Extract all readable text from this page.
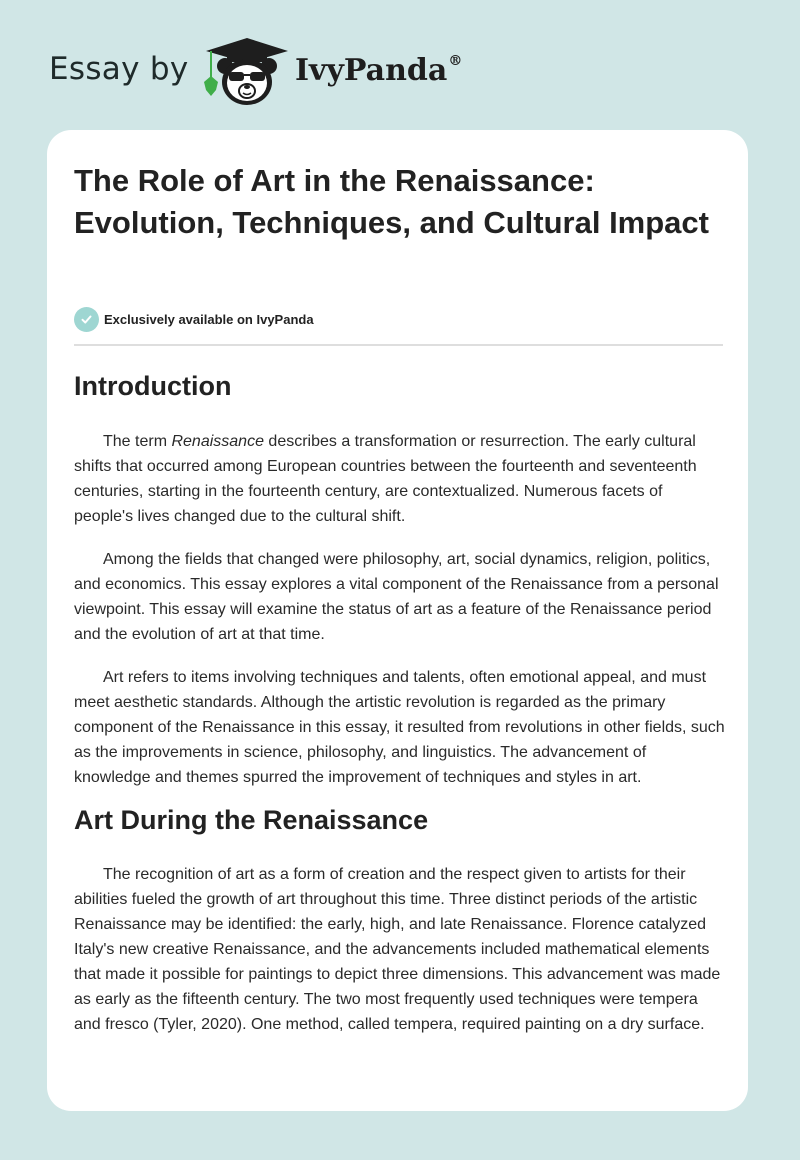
Essay by	IvyPanda®
The Role of Art in the Renaissance: Evolution, Techniques, and Cultural Impact
Exclusively available on IvyPanda
Introduction

The term Renaissance describes a transformation or resurrection. The early cultural shifts that occurred among European countries between the fourteenth and seventeenth centuries, starting in the fourteenth century, are contextualized. Numerous facets of people's lives changed due to the cultural shift.

Among the fields that changed were philosophy, art, social dynamics, religion, politics, and economics. This essay explores a vital component of the Renaissance from a personal viewpoint. This essay will examine the status of art as a feature of the Renaissance period and the evolution of art at that time.

Art refers to items involving techniques and talents, often emotional appeal, and must meet aesthetic standards. Although the artistic revolution is regarded as the primary component of the Renaissance in this essay, it resulted from revolutions in other fields, such as the improvements in science, philosophy, and linguistics. The advancement of knowledge and themes spurred the improvement of techniques and styles in art.

Art During the Renaissance

The recognition of art as a form of creation and the respect given to artists for their abilities fueled the growth of art throughout this time. Three distinct periods of the artistic Renaissance may be identified: the early, high, and late Renaissance. Florence catalyzed Italy's new creative Renaissance, and the advancements included mathematical elements that made it possible for paintings to depict three dimensions. This advancement was made as early as the fifteenth century. The two most frequently used techniques were tempera and fresco (Tyler, 2020). One method, called tempera, required painting on a dry surface.
